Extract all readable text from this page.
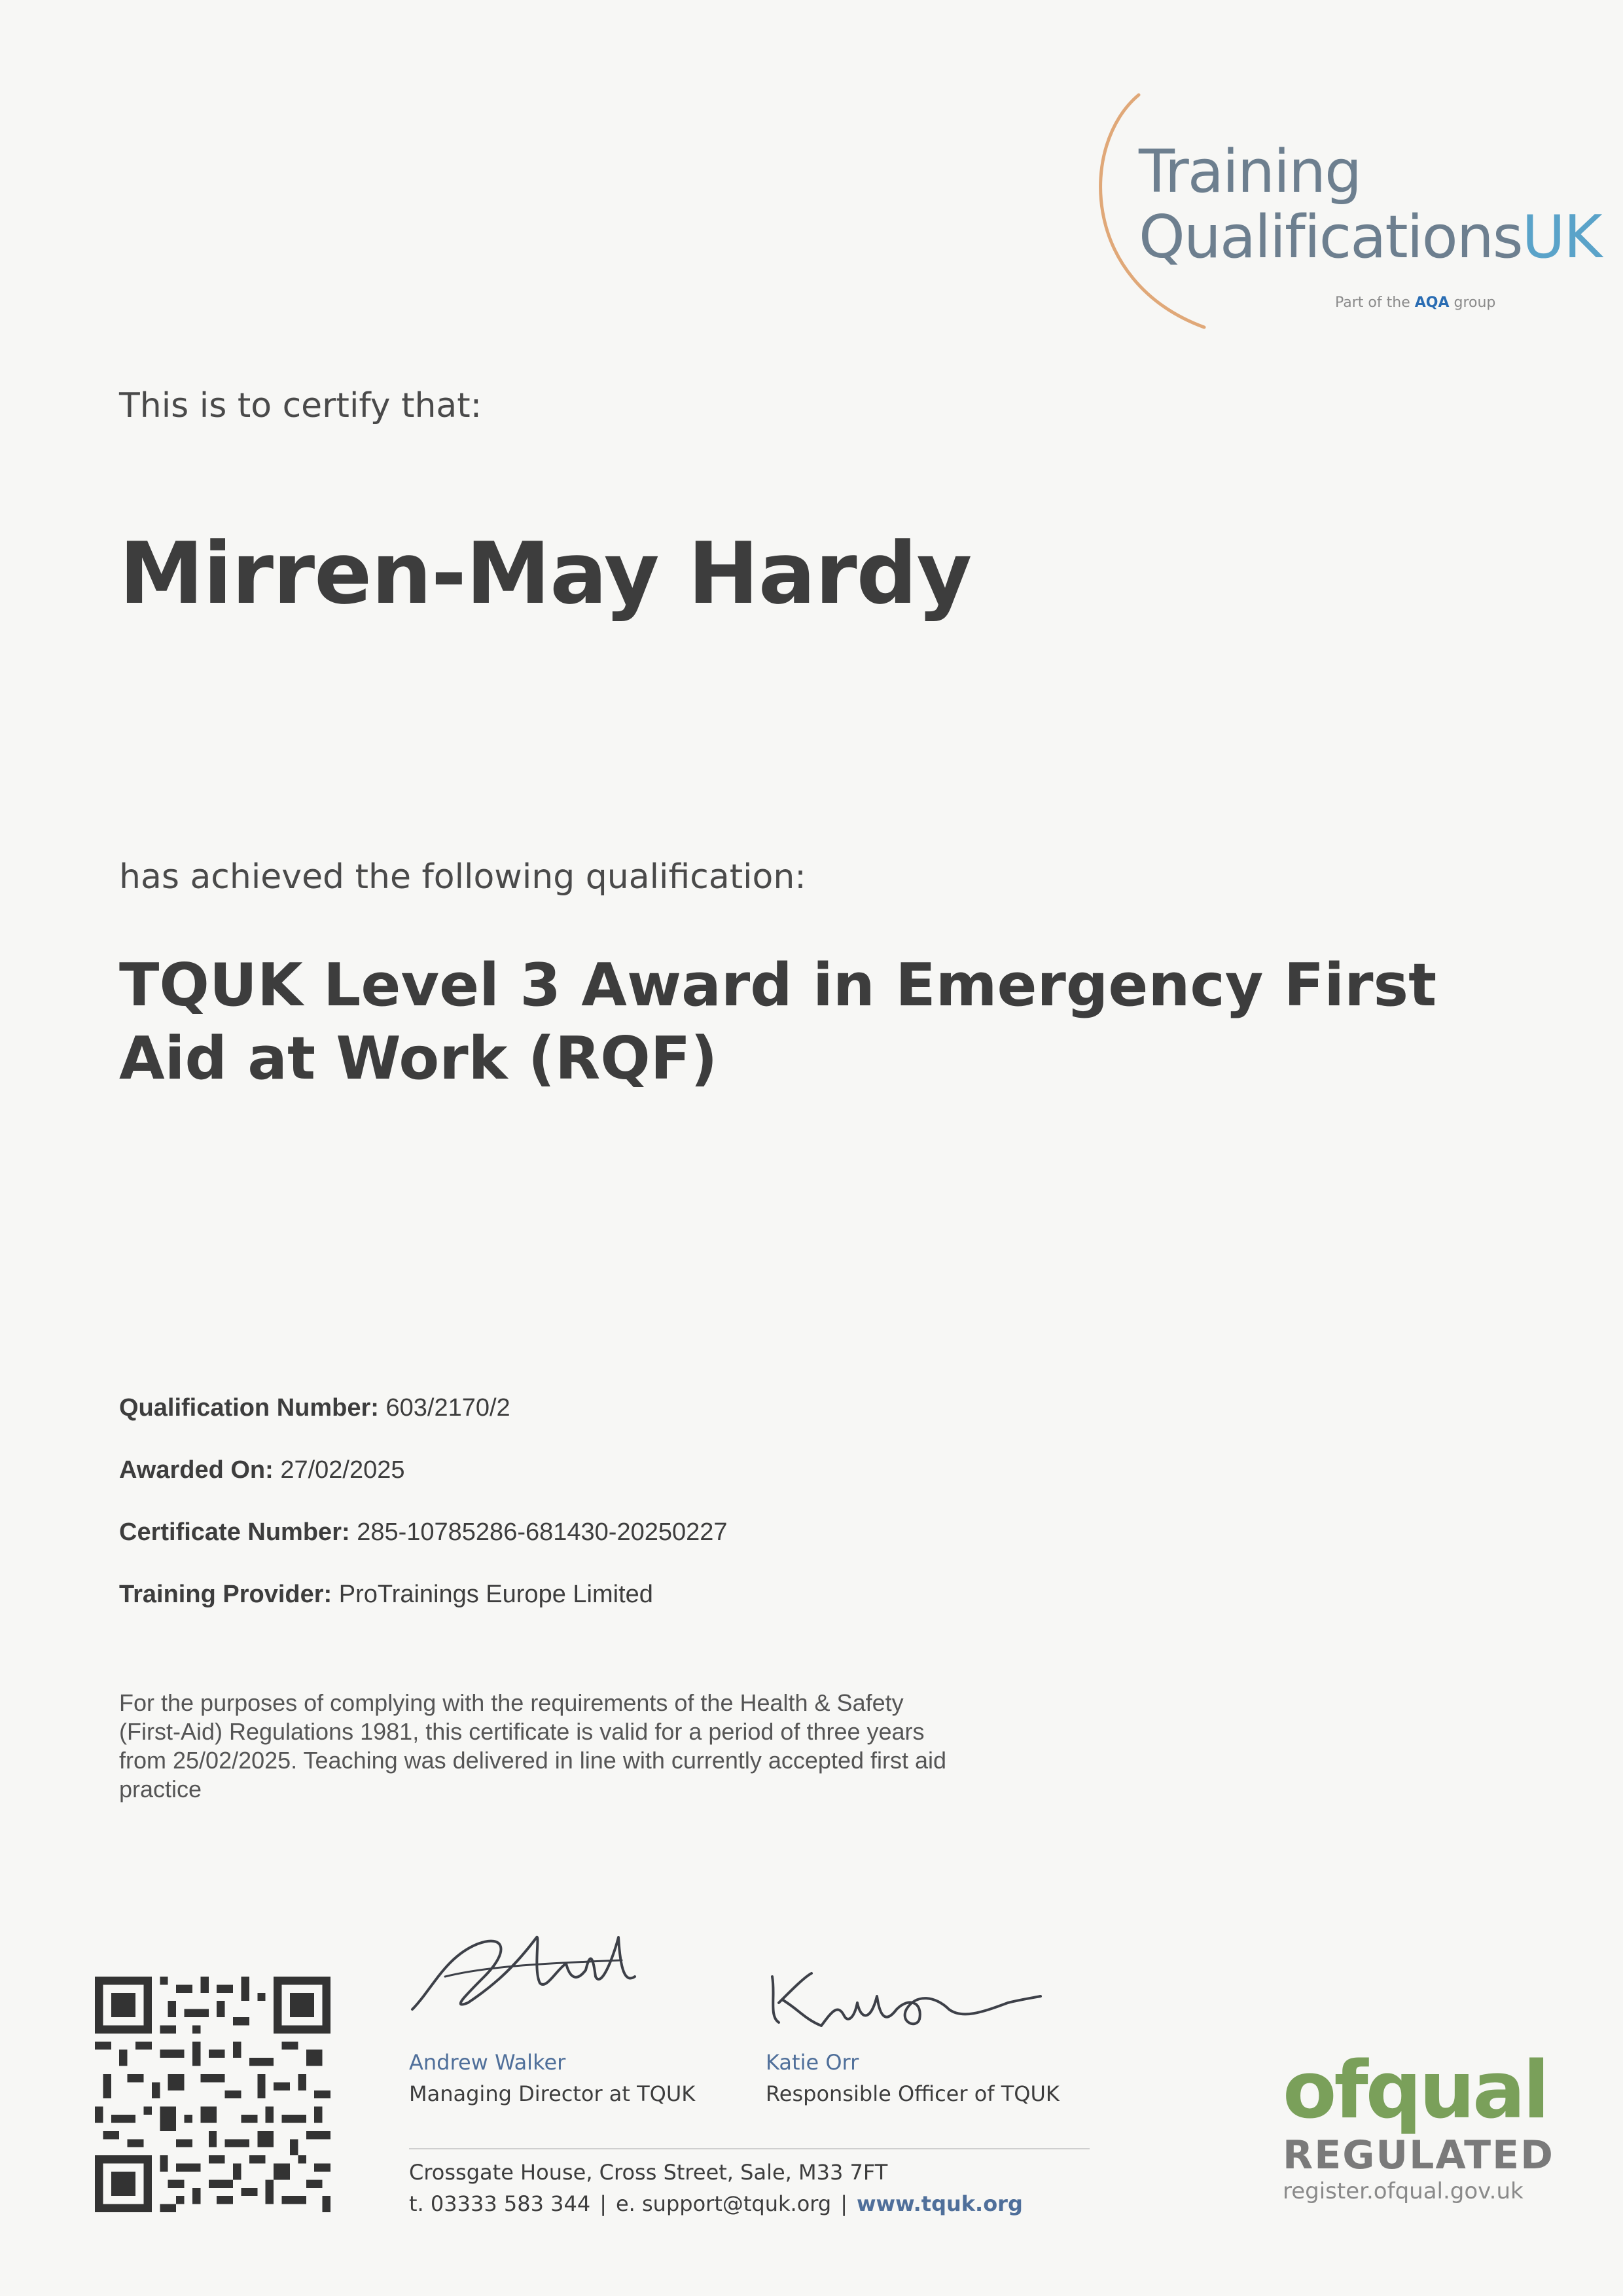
Training
QualificationsUK
Part of the AQA group
This is to certify that:
Mirren-May Hardy
has achieved the following qualification:
TQUK Level 3 Award in Emergency First Aid at Work (RQF)
Qualification Number: 603/2170/2
Awarded On: 27/02/2025
Certificate Number: 285-10785286-681430-20250227
Training Provider: ProTrainings Europe Limited
For the purposes of complying with the requirements of the Health & Safety (First-Aid) Regulations 1981, this certificate is valid for a period of three years from 25/02/2025. Teaching was delivered in line with currently accepted first aid practice
Andrew Walker
Managing Director at TQUK
Katie Orr
Responsible Officer of TQUK
Crossgate House, Cross Street, Sale, M33 7FT
t. 03333 583 344 | e. support@tquk.org | www.tquk.org
ofqual
REGULATED
register.ofqual.gov.uk
